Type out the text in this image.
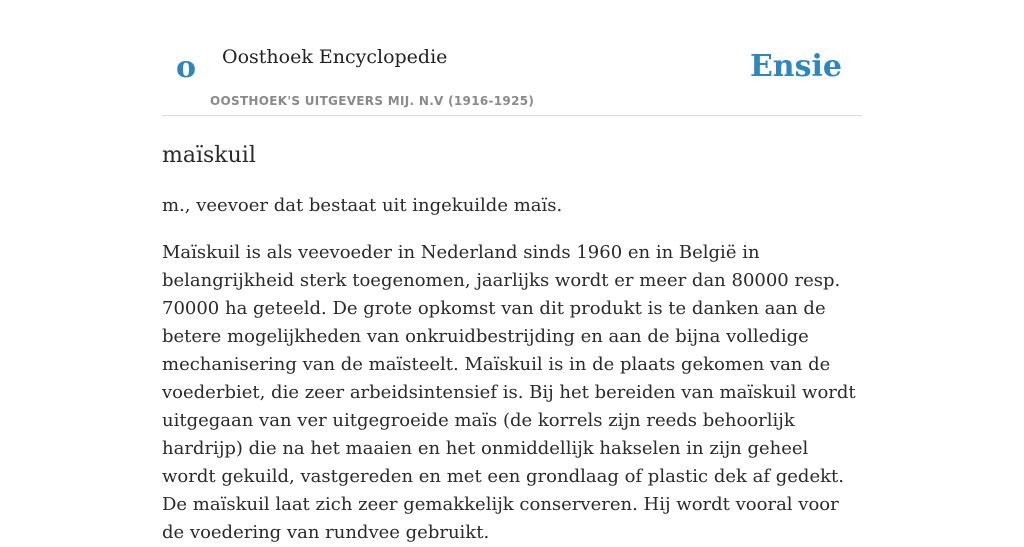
o Oosthoek Encyclopedie
OOSTHOEK'S UITGEVERS MIJ. N.V (1916-1925)
Ensie
maïskuil

m., veevoer dat bestaat uit ingekuilde maïs.

Maïskuil is als veevoeder in Nederland sinds 1960 en in België in belangrijkheid sterk toegenomen, jaarlijks wordt er meer dan 80000 resp. 70000 ha geteeld. De grote opkomst van dit produkt is te danken aan de betere mogelijkheden van onkruidbestrijding en aan de bijna volledige mechanisering van de maïsteelt. Maïskuil is in de plaats gekomen van de voederbiet, die zeer arbeidsintensief is. Bij het bereiden van maïskuil wordt uitgegaan van ver uitgegroeide maïs (de korrels zijn reeds behoorlijk hardrijp) die na het maaien en het onmiddellijk hakselen in zijn geheel wordt gekuild, vastgereden en met een grondlaag of plastic dek af gedekt. De maïskuil laat zich zeer gemakkelijk conserveren. Hij wordt vooral voor de voedering van rundvee gebruikt.
